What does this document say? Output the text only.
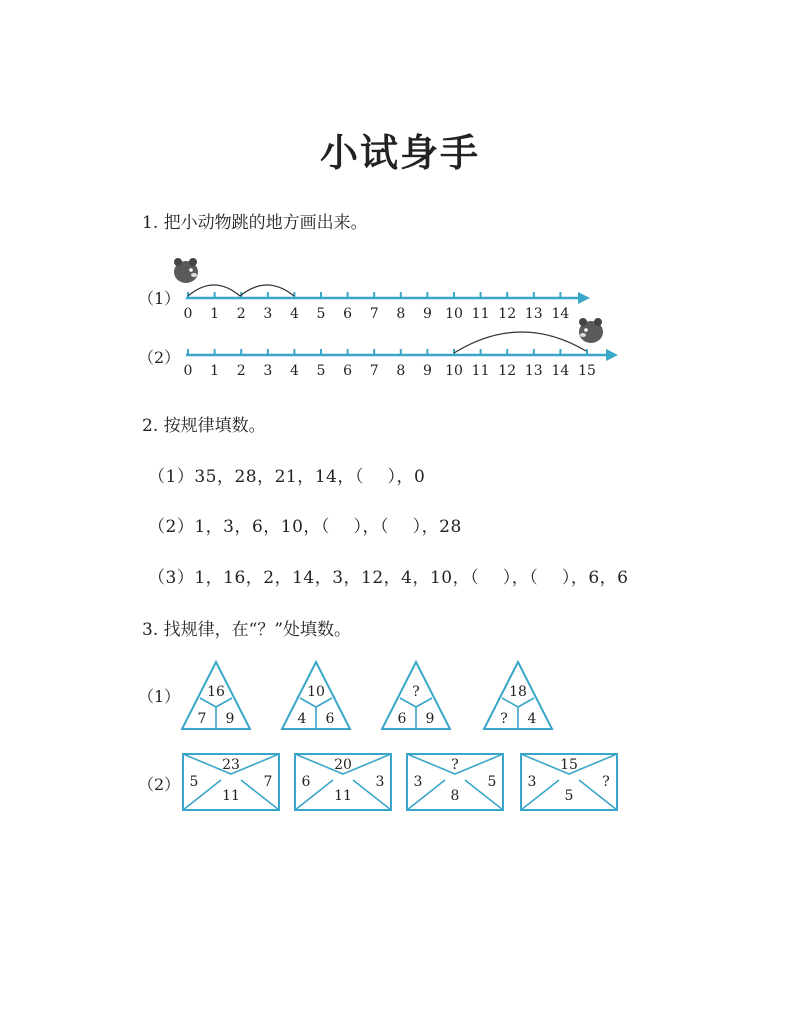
小试身手
1. 把小动物跳的地方画出来。
（1）
（2）
0 1 2 3 4 5 6 7 8 9 10 11 12 13 14
0 1 2 3 4 5 6 7 8 9 10 11 12 13 14 15
2. 按规律填数。
（1）35，28，21，14，（    ），0
（2）1，3，6，10，（    ），（    ），28
（3）1，16，2，14，3，12，4，10，（    ），（    ），6，6
3. 找规律，在“？”处填数。
（1）
（2）
16
7 9
10
4 6
?
6 9
18
? 4
23
5	7
11
20
6	3
11
?
3	5
8
15
3	?
5
